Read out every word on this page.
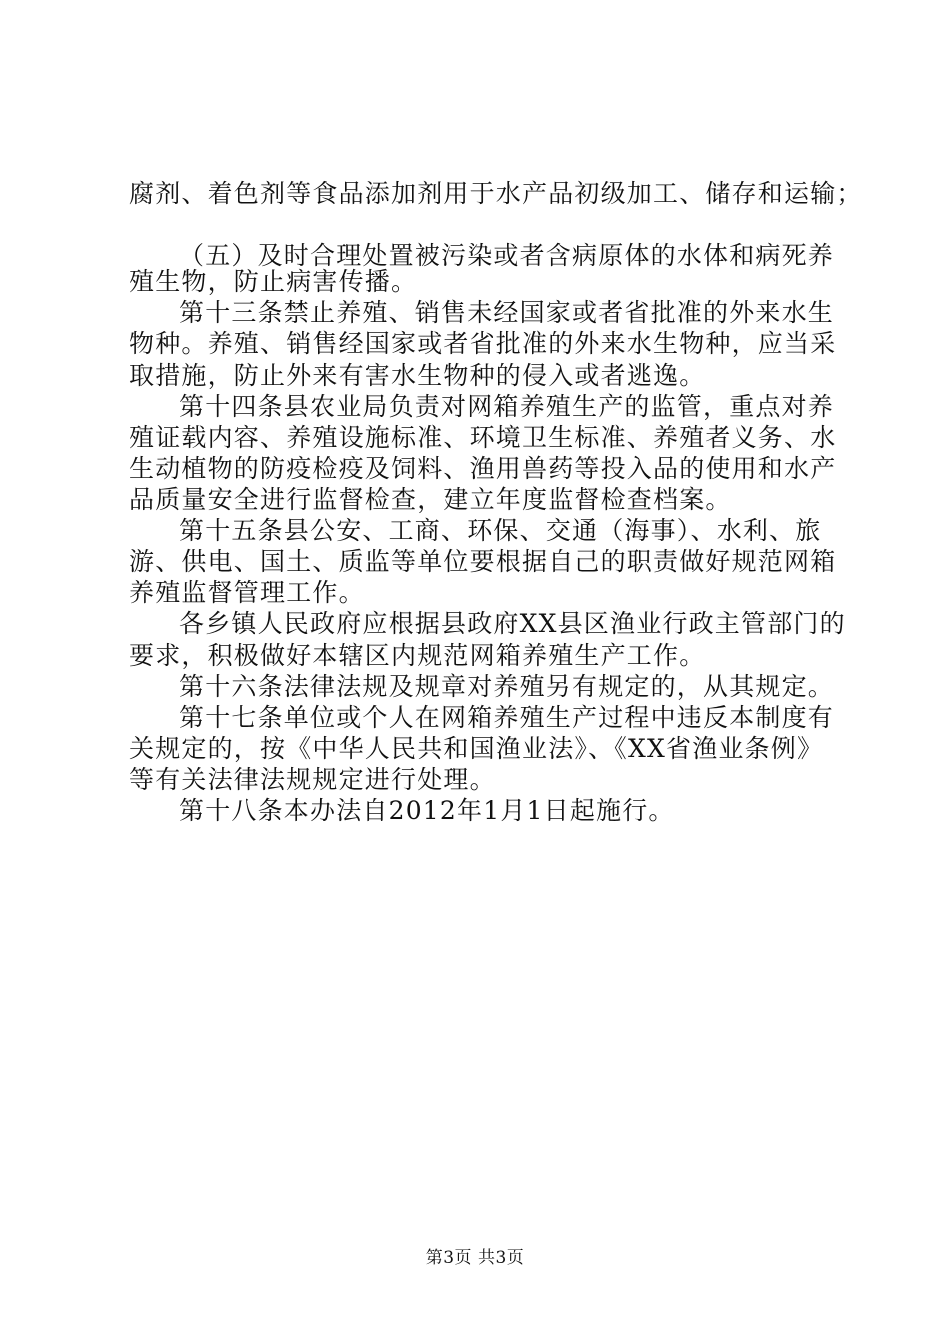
腐剂、着色剂等食品添加剂用于水产品初级加工、储存和运输；
（五）及时合理处置被污染或者含病原体的水体和病死养
殖生物，防止病害传播。
第十三条禁止养殖、销售未经国家或者省批准的外来水生
物种。养殖、销售经国家或者省批准的外来水生物种，应当采
取措施，防止外来有害水生物种的侵入或者逃逸。
第十四条县农业局负责对网箱养殖生产的监管，重点对养
殖证载内容、养殖设施标准、环境卫生标准、养殖者义务、水
生动植物的防疫检疫及饲料、渔用兽药等投入品的使用和水产
品质量安全进行监督检查，建立年度监督检查档案。
第十五条县公安、工商、环保、交通（海事）、水利、旅
游、供电、国土、质监等单位要根据自己的职责做好规范网箱
养殖监督管理工作。
各乡镇人民政府应根据县政府XX县区渔业行政主管部门的
要求，积极做好本辖区内规范网箱养殖生产工作。
第十六条法律法规及规章对养殖另有规定的，从其规定。
第十七条单位或个人在网箱养殖生产过程中违反本制度有
关规定的，按《中华人民共和国渔业法》、《XX省渔业条例》
等有关法律法规规定进行处理。
第十八条本办法自2012年1月1日起施行。
第3页 共3页
